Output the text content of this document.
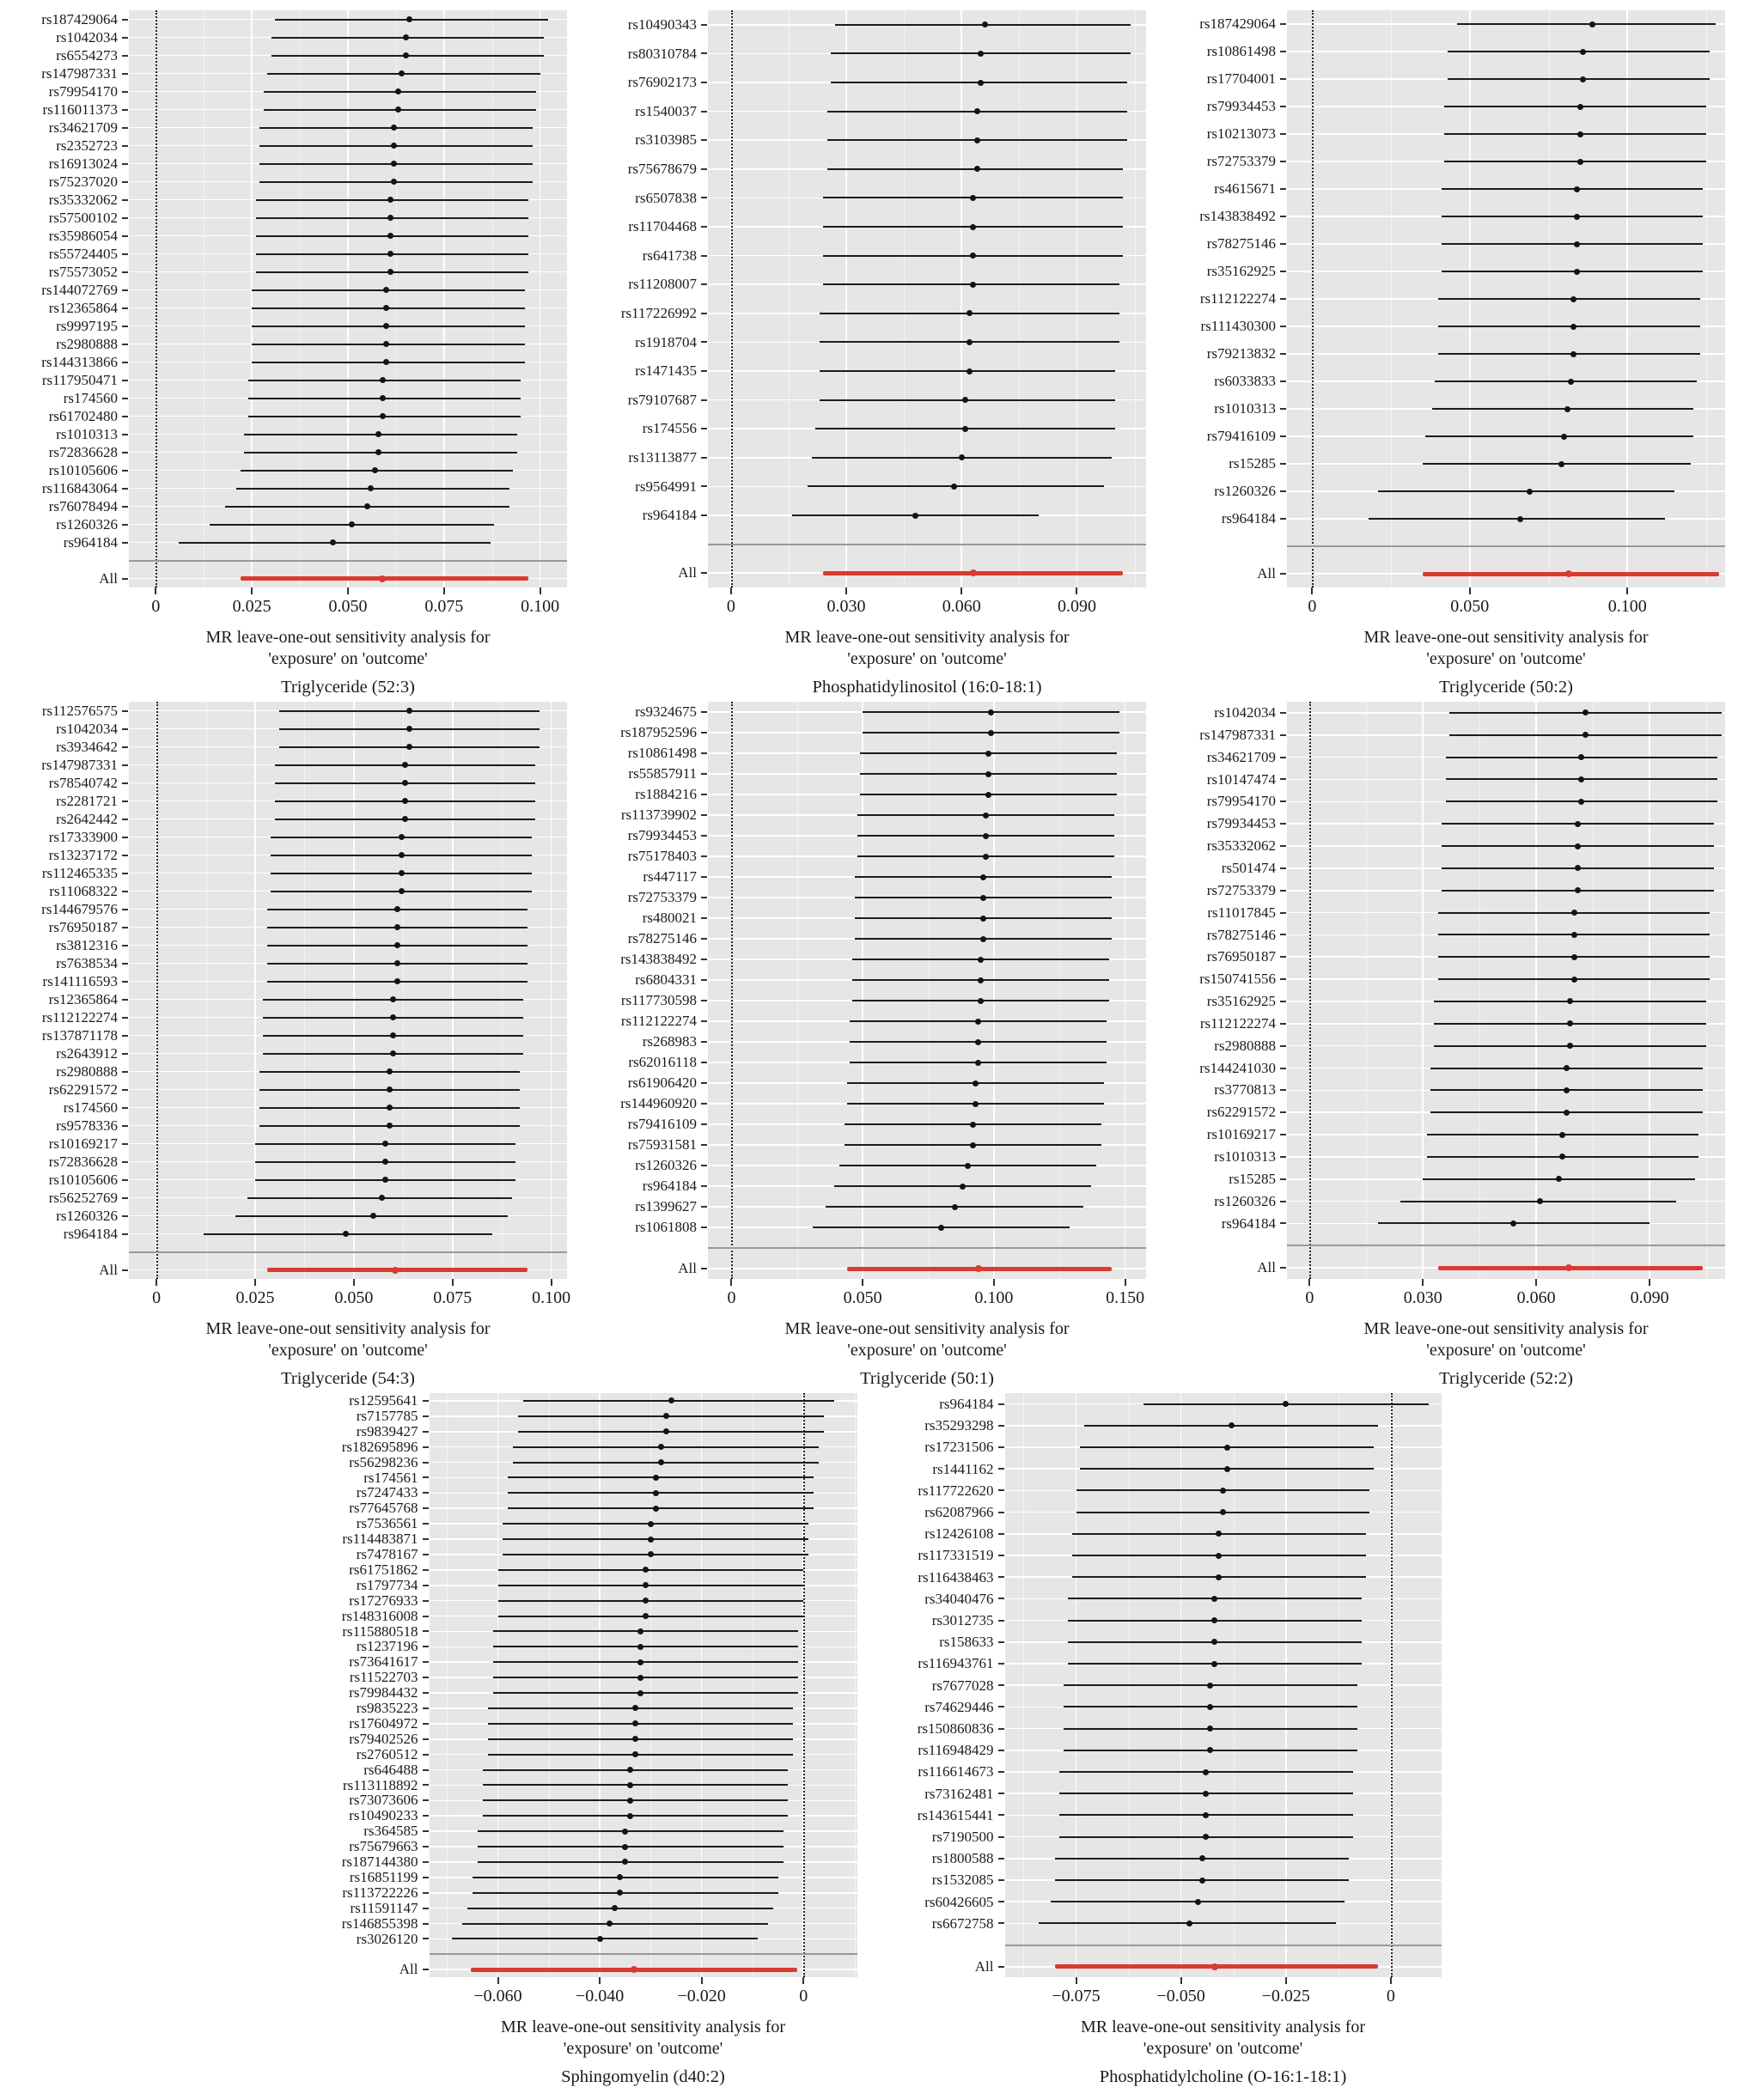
rs187429064
rs1042034
rs6554273
rs147987331
rs79954170
rs116011373
rs34621709
rs2352723
rs16913024
rs75237020
rs35332062
rs57500102
rs35986054
rs55724405
rs75573052
rs144072769
rs12365864
rs9997195
rs2980888
rs144313866
rs117950471
rs174560
rs61702480
rs1010313
rs72836628
rs10105606
rs116843064
rs76078494
rs1260326
rs964184
All
0	0.025	0.050	0.075	0.100
MR leave-one-out sensitivity analysis for
'exposure' on 'outcome'
Triglyceride (52:3)
rs10490343
rs80310784
rs76902173
rs1540037
rs3103985
rs75678679
rs6507838
rs11704468
rs641738
rs11208007
rs117226992
rs1918704
rs1471435
rs79107687
rs174556
rs13113877
rs9564991
rs964184
All
0	0.030	0.060	0.090
MR leave-one-out sensitivity analysis for
'exposure' on 'outcome'
Phosphatidylinositol (16:0-18:1)
rs187429064
rs10861498
rs17704001
rs79934453
rs10213073
rs72753379
rs4615671
rs143838492
rs78275146
rs35162925
rs112122274
rs111430300
rs79213832
rs6033833
rs1010313
rs79416109
rs15285
rs1260326
rs964184
All
0	0.050	0.100
MR leave-one-out sensitivity analysis for
'exposure' on 'outcome'
Triglyceride (50:2)
rs112576575
rs1042034
rs3934642
rs147987331
rs78540742
rs2281721
rs2642442
rs17333900
rs13237172
rs112465335
rs11068322
rs144679576
rs76950187
rs3812316
rs7638534
rs141116593
rs12365864
rs112122274
rs137871178
rs2643912
rs2980888
rs62291572
rs174560
rs9578336
rs10169217
rs72836628
rs10105606
rs56252769
rs1260326
rs964184
All
0	0.025	0.050	0.075	0.100
MR leave-one-out sensitivity analysis for
'exposure' on 'outcome'
Triglyceride (54:3)
rs9324675
rs187952596
rs10861498
rs55857911
rs1884216
rs113739902
rs79934453
rs75178403
rs447117
rs72753379
rs480021
rs78275146
rs143838492
rs6804331
rs117730598
rs112122274
rs268983
rs62016118
rs61906420
rs144960920
rs79416109
rs75931581
rs1260326
rs964184
rs1399627
rs1061808
All
0	0.050	0.100	0.150
MR leave-one-out sensitivity analysis for
'exposure' on 'outcome'
Triglyceride (50:1)
rs1042034
rs147987331
rs34621709
rs10147474
rs79954170
rs79934453
rs35332062
rs501474
rs72753379
rs11017845
rs78275146
rs76950187
rs150741556
rs35162925
rs112122274
rs2980888
rs144241030
rs3770813
rs62291572
rs10169217
rs1010313
rs15285
rs1260326
rs964184
All
0	0.030	0.060	0.090
MR leave-one-out sensitivity analysis for
'exposure' on 'outcome'
Triglyceride (52:2)
rs12595641
rs7157785
rs9839427
rs182695896
rs56298236
rs174561
rs7247433
rs77645768
rs7536561
rs114483871
rs7478167
rs61751862
rs1797734
rs17276933
rs148316008
rs115880518
rs1237196
rs73641617
rs11522703
rs79984432
rs9835223
rs17604972
rs79402526
rs2760512
rs646488
rs113118892
rs73073606
rs10490233
rs364585
rs75679663
rs187144380
rs16851199
rs113722226
rs11591147
rs146855398
rs3026120
All
−0.060	−0.040	−0.020	0
MR leave-one-out sensitivity analysis for
'exposure' on 'outcome'
Sphingomyelin (d40:2)
rs964184
rs35293298
rs17231506
rs1441162
rs117722620
rs62087966
rs12426108
rs117331519
rs116438463
rs34040476
rs3012735
rs158633
rs116943761
rs7677028
rs74629446
rs150860836
rs116948429
rs116614673
rs73162481
rs143615441
rs7190500
rs1800588
rs1532085
rs60426605
rs6672758
All
−0.075	−0.050	−0.025	0
MR leave-one-out sensitivity analysis for
'exposure' on 'outcome'
Phosphatidylcholine (O-16:1-18:1)
